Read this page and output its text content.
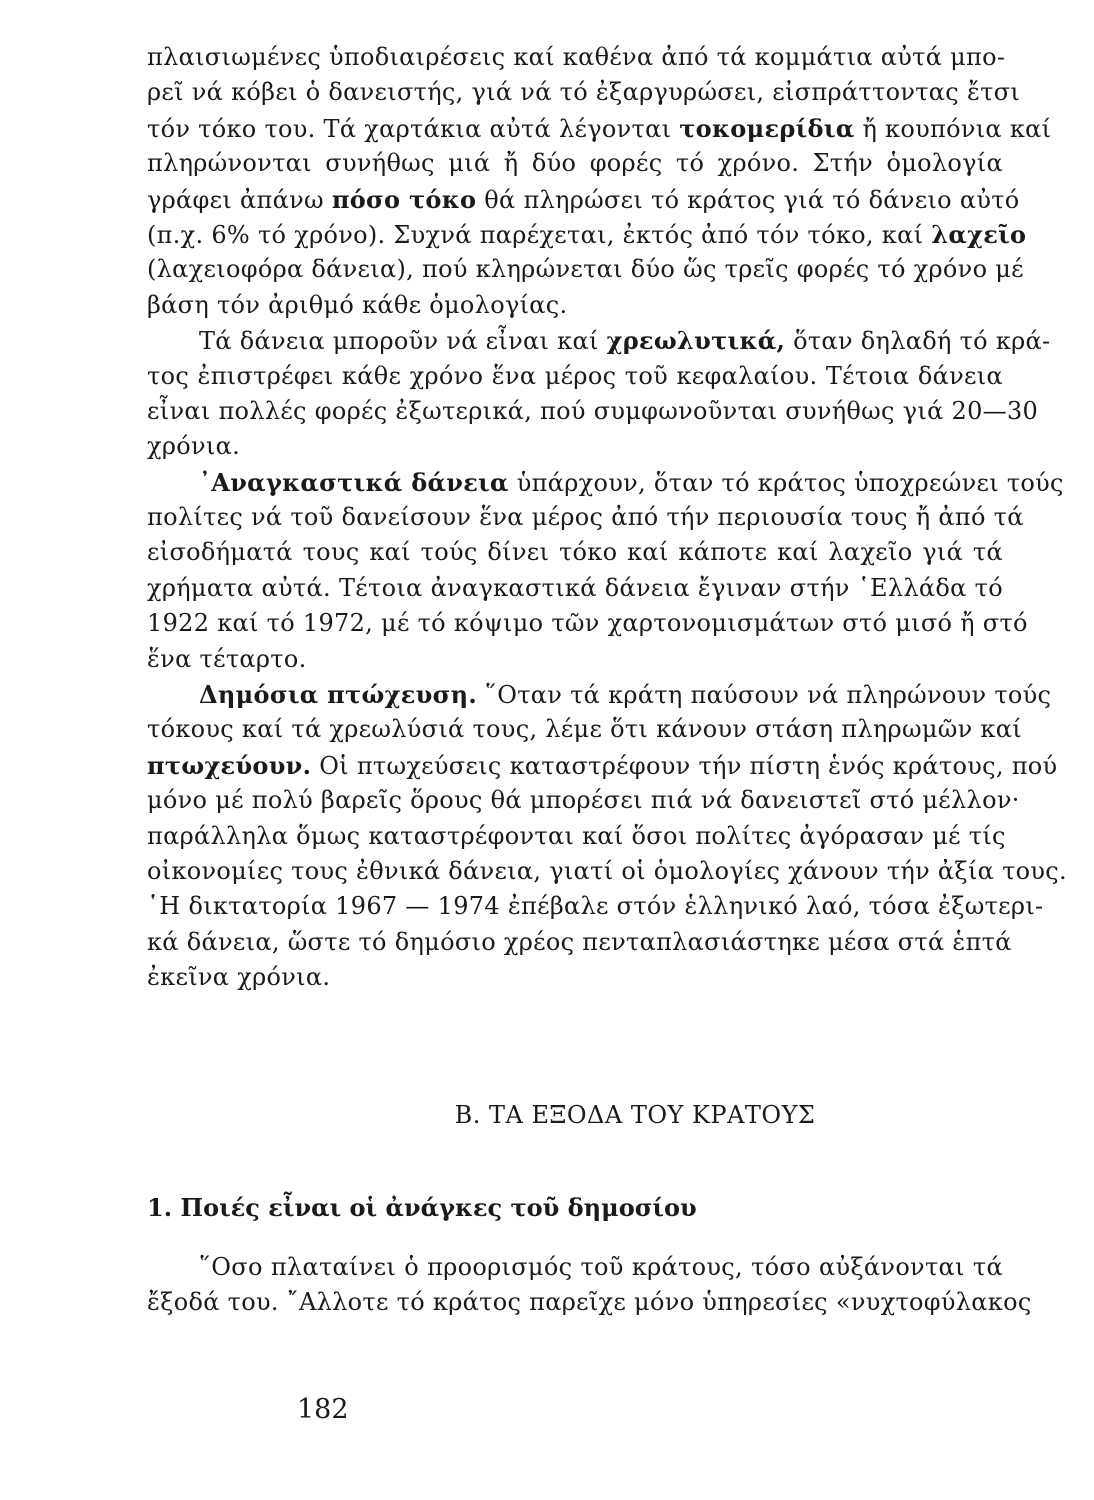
πλαισιωμένες ὑποδιαιρέσεις καί καθένα ἀπό τά κομμάτια αὐτά μπο-
ρεῖ νά κόβει ὁ δανειστής, γιά νά τό ἐξαργυρώσει, εἰσπράττοντας ἔτσι
τόν τόκο του. Τά χαρτάκια αὐτά λέγονται τοκομερίδια ἤ κουπόνια καί
πληρώνονται συνήθως μιά ἤ δύο φορές τό χρόνο. Στήν ὁμολογία
γράφει ἀπάνω πόσο τόκο θά πληρώσει τό κράτος γιά τό δάνειο αὐτό
(π.χ. 6% τό χρόνο). Συχνά παρέχεται, ἐκτός ἀπό τόν τόκο, καί λαχεῖο
(λαχειοφόρα δάνεια), πού κληρώνεται δύο ὥς τρεῖς φορές τό χρόνο μέ
βάση τόν ἀριθμό κάθε ὁμολογίας.
Τά δάνεια μποροῦν νά εἶναι καί χρεωλυτικά, ὅταν δηλαδή τό κρά-
τος ἐπιστρέφει κάθε χρόνο ἕνα μέρος τοῦ κεφαλαίου. Τέτοια δάνεια
εἶναι πολλές φορές ἐξωτερικά, πού συμφωνοῦνται συνήθως γιά 20—30
χρόνια.
᾿Αναγκαστικά δάνεια ὑπάρχουν, ὅταν τό κράτος ὑποχρεώνει τούς
πολίτες νά τοῦ δανείσουν ἕνα μέρος ἀπό τήν περιουσία τους ἤ ἀπό τά
εἰσοδήματά τους καί τούς δίνει τόκο καί κάποτε καί λαχεῖο γιά τά
χρήματα αὐτά. Τέτοια ἀναγκαστικά δάνεια ἔγιναν στήν ῾Ελλάδα τό
1922 καί τό 1972, μέ τό κόψιμο τῶν χαρτονομισμάτων στό μισό ἤ στό
ἕνα τέταρτο.
Δημόσια πτώχευση. ῞Οταν τά κράτη παύσουν νά πληρώνουν τούς
τόκους καί τά χρεωλύσιά τους, λέμε ὅτι κάνουν στάση πληρωμῶν καί
πτωχεύουν. Οἱ πτωχεύσεις καταστρέφουν τήν πίστη ἑνός κράτους, πού
μόνο μέ πολύ βαρεῖς ὅρους θά μπορέσει πιά νά δανειστεῖ στό μέλλον·
παράλληλα ὅμως καταστρέφονται καί ὅσοι πολίτες ἀγόρασαν μέ τίς
οἰκονομίες τους ἐθνικά δάνεια, γιατί οἱ ὁμολογίες χάνουν τήν ἀξία τους.
῾Η δικτατορία 1967 — 1974 ἐπέβαλε στόν ἑλληνικό λαό, τόσα ἐξωτερι-
κά δάνεια, ὥστε τό δημόσιο χρέος πενταπλασιάστηκε μέσα στά ἑπτά
ἐκεῖνα χρόνια.
Β. ΤΑ ΕΞΟΔΑ ΤΟΥ ΚΡΑΤΟΥΣ
1. Ποιές εἶναι οἱ ἀνάγκες τοῦ δημοσίου
῞Οσο πλαταίνει ὁ προορισμός τοῦ κράτους, τόσο αὐξάνονται τά
ἔξοδά του. ῎Αλλοτε τό κράτος παρεῖχε μόνο ὑπηρεσίες «νυχτοφύλακος
182
